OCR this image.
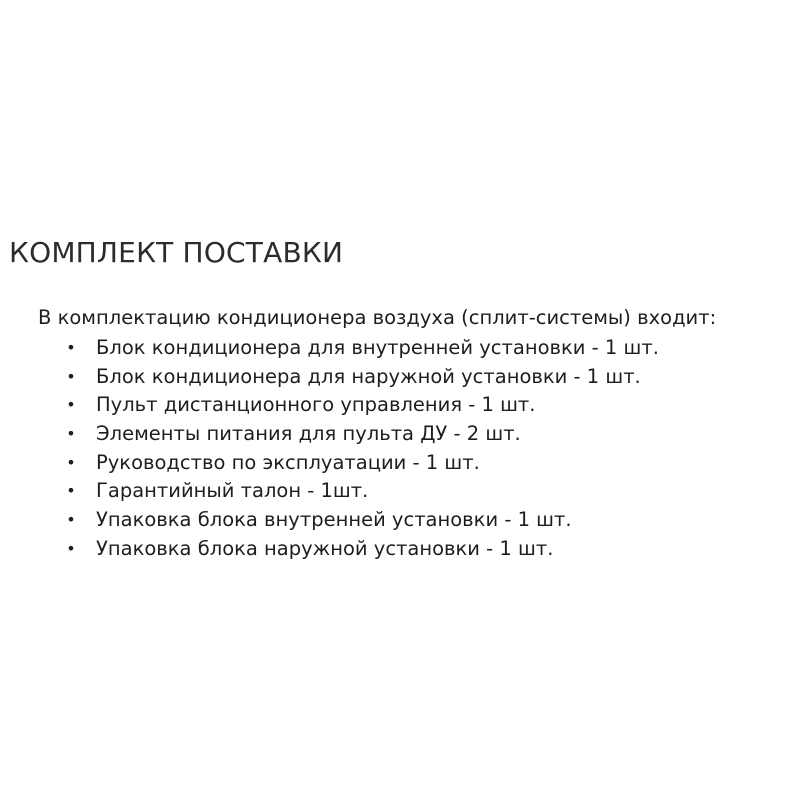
КОМПЛЕКТ ПОСТАВКИ

В комплектацию кондиционера воздуха (сплит-системы) входит:

• Блок кондиционера для внутренней установки - 1 шт.
• Блок кондиционера для наружной установки - 1 шт.
• Пульт дистанционного управления - 1 шт.
• Элементы питания для пульта ДУ - 2 шт.
• Руководство по эксплуатации - 1 шт.
• Гарантийный талон - 1шт.
• Упаковка блока внутренней установки - 1 шт.
• Упаковка блока наружной установки - 1 шт.
